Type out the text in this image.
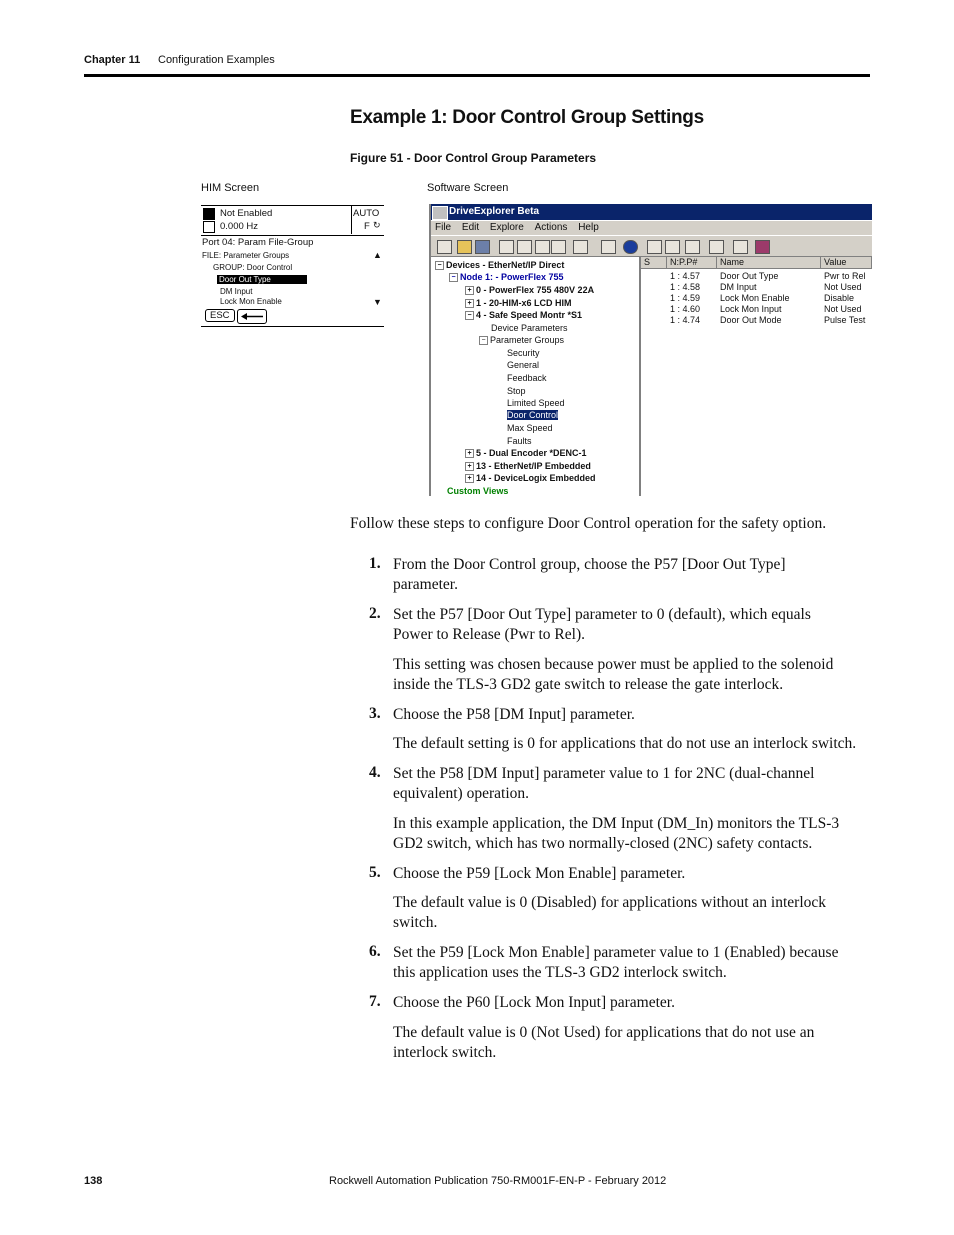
Chapter 11 Configuration Examples
Example 1: Door Control Group Settings
Figure 51 - Door Control Group Parameters
HIM Screen	Software Screen
Not Enabled
0.000 Hz
AUTO
F ↻
Port 04: Param File-Group
FILE: Parameter Groups	▲
GROUP: Door Control
Door Out Type
DM Input
Lock Mon Enable	▼
ESC
DriveExplorer Beta
File Edit Explore Actions Help
− Devices - EtherNet/IP Direct
− Node 1: - PowerFlex 755
+ 0 - PowerFlex 755 480V 22A
+ 1 - 20-HIM-x6 LCD HIM
− 4 - Safe Speed Montr *S1
Device Parameters
− Parameter Groups
Security
General
Feedback
Stop
Limited Speed
Door Control
Max Speed
Faults
+ 5 - Dual Encoder *DENC-1
+ 13 - EtherNet/IP Embedded
+ 14 - DeviceLogix Embedded
Custom Views
S	N:P.P#	Name	Value
1 : 4.57 Door Out Type	Pwr to Rel
1 : 4.58 DM Input	Not Used
1 : 4.59 Lock Mon Enable	Disable
1 : 4.60 Lock Mon Input	Not Used
1 : 4.74 Door Out Mode	Pulse Test
Follow these steps to configure Door Control operation for the safety option.
1. From the Door Control group, choose the P57 [Door Out Type]
parameter.
2. Set the P57 [Door Out Type] parameter to 0 (default), which equals
Power to Release (Pwr to Rel).
This setting was chosen because power must be applied to the solenoid
inside the TLS-3 GD2 gate switch to release the gate interlock.
3. Choose the P58 [DM Input] parameter.
The default setting is 0 for applications that do not use an interlock switch.
4. Set the P58 [DM Input] parameter value to 1 for 2NC (dual-channel
equivalent) operation.
In this example application, the DM Input (DM_In) monitors the TLS-3
GD2 switch, which has two normally-closed (2NC) safety contacts.
5. Choose the P59 [Lock Mon Enable] parameter.
The default value is 0 (Disabled) for applications without an interlock
switch.
6. Set the P59 [Lock Mon Enable] parameter value to 1 (Enabled) because
this application uses the TLS-3 GD2 interlock switch.
7. Choose the P60 [Lock Mon Input] parameter.
The default value is 0 (Not Used) for applications that do not use an
interlock switch.
138	Rockwell Automation Publication 750-RM001F-EN-P - February 2012
